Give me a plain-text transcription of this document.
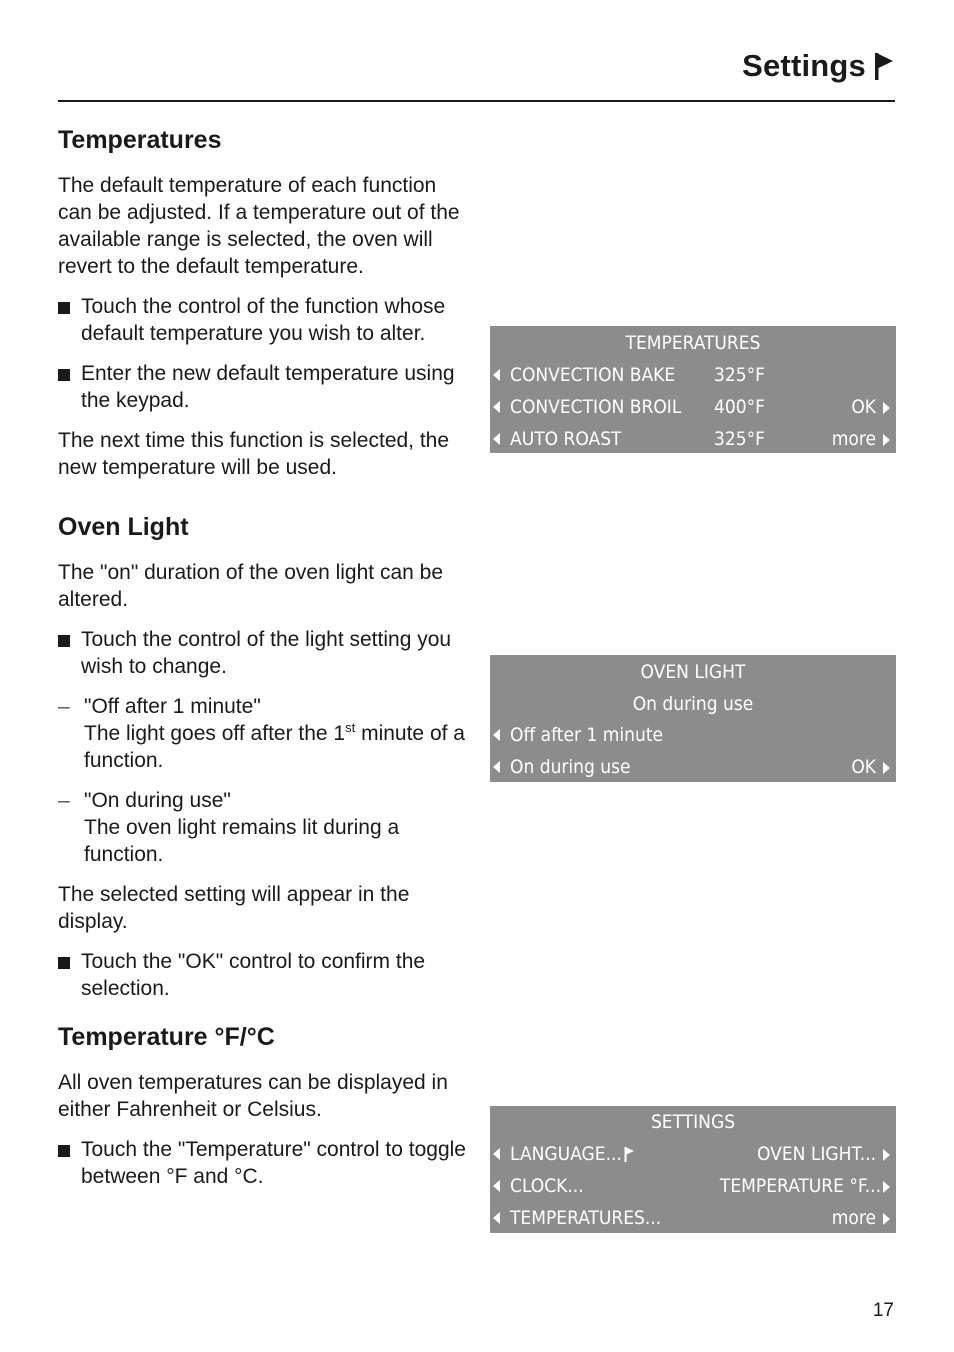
Settings
Temperatures

The default temperature of each function can be adjusted. If a temperature out of the available range is selected, the oven will revert to the default temperature.

Touch the control of the function whose default temperature you wish to alter.
Enter the new default temperature using the keypad.

The next time this function is selected, the new temperature will be used.

Oven Light

The "on" duration of the oven light can be altered.

Touch the control of the light setting you wish to change.
– "Off after 1 minute"
The light goes off after the 1st minute of a function.
– "On during use"
The oven light remains lit during a function.

The selected setting will appear in the display.

Touch the "OK" control to confirm the selection.
Temperature °F/°C

All oven temperatures can be displayed in either Fahrenheit or Celsius.

Touch the "Temperature" control to toggle between °F and °C.
TEMPERATURES
CONVECTION BAKE 325°F
CONVECTION BROIL 400°F	OK
AUTO ROAST	325°F	more
OVEN LIGHT
On during use
Off after 1 minute
On during use	OK
SETTINGS
LANGUAGE...	OVEN LIGHT...
CLOCK...	TEMPERATURE °F...
TEMPERATURES...	more
17
